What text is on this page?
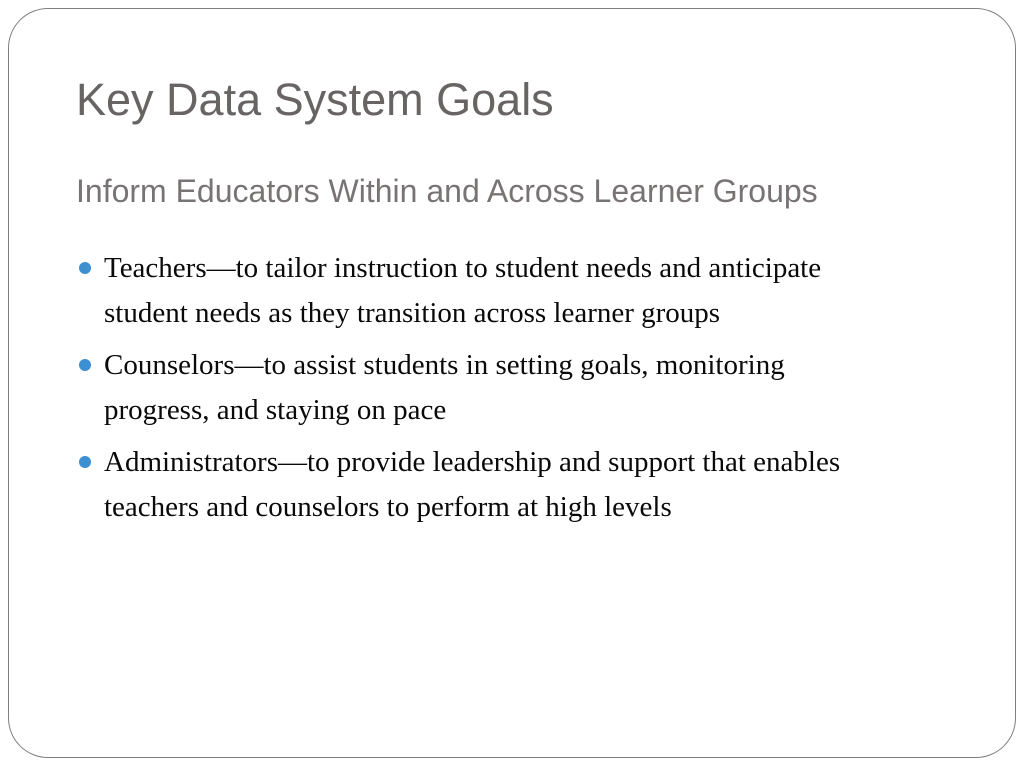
Key Data System Goals
Inform Educators Within and Across Learner Groups
Teachers—to tailor instruction to student needs and anticipate student needs as they transition across learner groups
Counselors—to assist students in setting goals, monitoring progress, and staying on pace
Administrators—to provide leadership and support that enables teachers and counselors to perform at high levels
